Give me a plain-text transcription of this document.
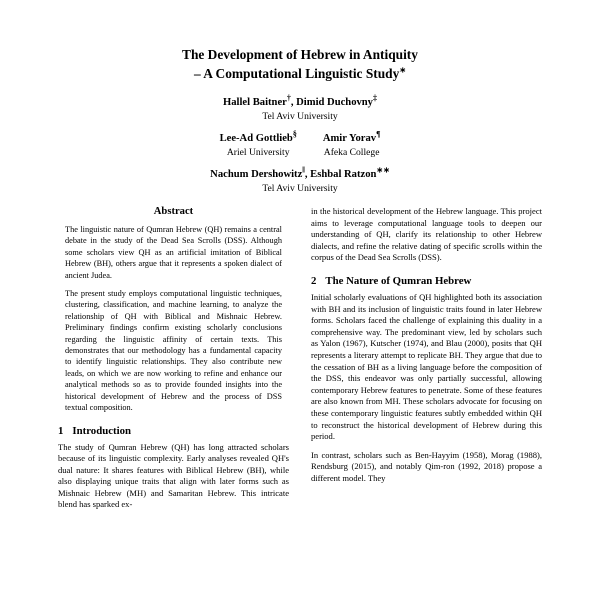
The Development of Hebrew in Antiquity
– A Computational Linguistic Study∗
Hallel Baitner†, Dimid Duchovny‡
Tel Aviv University
Lee-Ad Gottlieb§
Ariel University
Amir Yorav¶
Afeka College
Nachum Dershowitz‖, Eshbal Ratzon∗∗
Tel Aviv University
Abstract

The linguistic nature of Qumran Hebrew (QH) remains a central debate in the study of the Dead Sea Scrolls (DSS). Although some scholars view QH as an artificial imitation of Biblical Hebrew (BH), others argue that it represents a spoken dialect of ancient Judea.

The present study employs computational linguistic techniques, clustering, classification, and machine learning, to analyze the relationship of QH with Biblical and Mishnaic Hebrew. Preliminary findings confirm existing scholarly conclusions regarding the linguistic affinity of certain texts. This demonstrates that our methodology has a fundamental capacity to identify linguistic relationships. They also contribute new leads, on which we are now working to refine and enhance our analytical methods so as to provide founded insights into the historical development of Hebrew and the process of DSS textual composition.

1 Introduction

The study of Qumran Hebrew (QH) has long attracted scholars because of its linguistic complexity. Early analyses revealed QH's dual nature: It shares features with Biblical Hebrew (BH), while also displaying unique traits that align with later forms such as Mishnaic Hebrew (MH) and Samaritan Hebrew. This intricate blend has sparked ex-

in the historical development of the Hebrew language. This project aims to leverage computational language tools to deepen our understanding of QH, clarify its relationship to other Hebrew dialects, and refine the relative dating of specific scrolls within the corpus of the Dead Sea Scrolls (DSS).

2 The Nature of Qumran Hebrew

Initial scholarly evaluations of QH highlighted both its association with BH and its inclusion of linguistic traits found in later Hebrew forms. Scholars faced the challenge of explaining this duality in a comprehensive way. The predominant view, led by scholars such as Yalon (1967), Kutscher (1974), and Blau (2000), posits that QH represents a literary attempt to replicate BH. They argue that due to the cessation of BH as a living language before the composition of the DSS, this endeavor was only partially successful, allowing contemporary Hebrew features to penetrate. Some of these features are also known from MH. These scholars advocate for focusing on these contemporary linguistic features subtly embedded within QH to reconstruct the historical development of Hebrew during this period.

In contrast, scholars such as Ben-Hayyim (1958), Morag (1988), Rendsburg (2015), and notably Qim-ron (1992, 2018) propose a different model. They
